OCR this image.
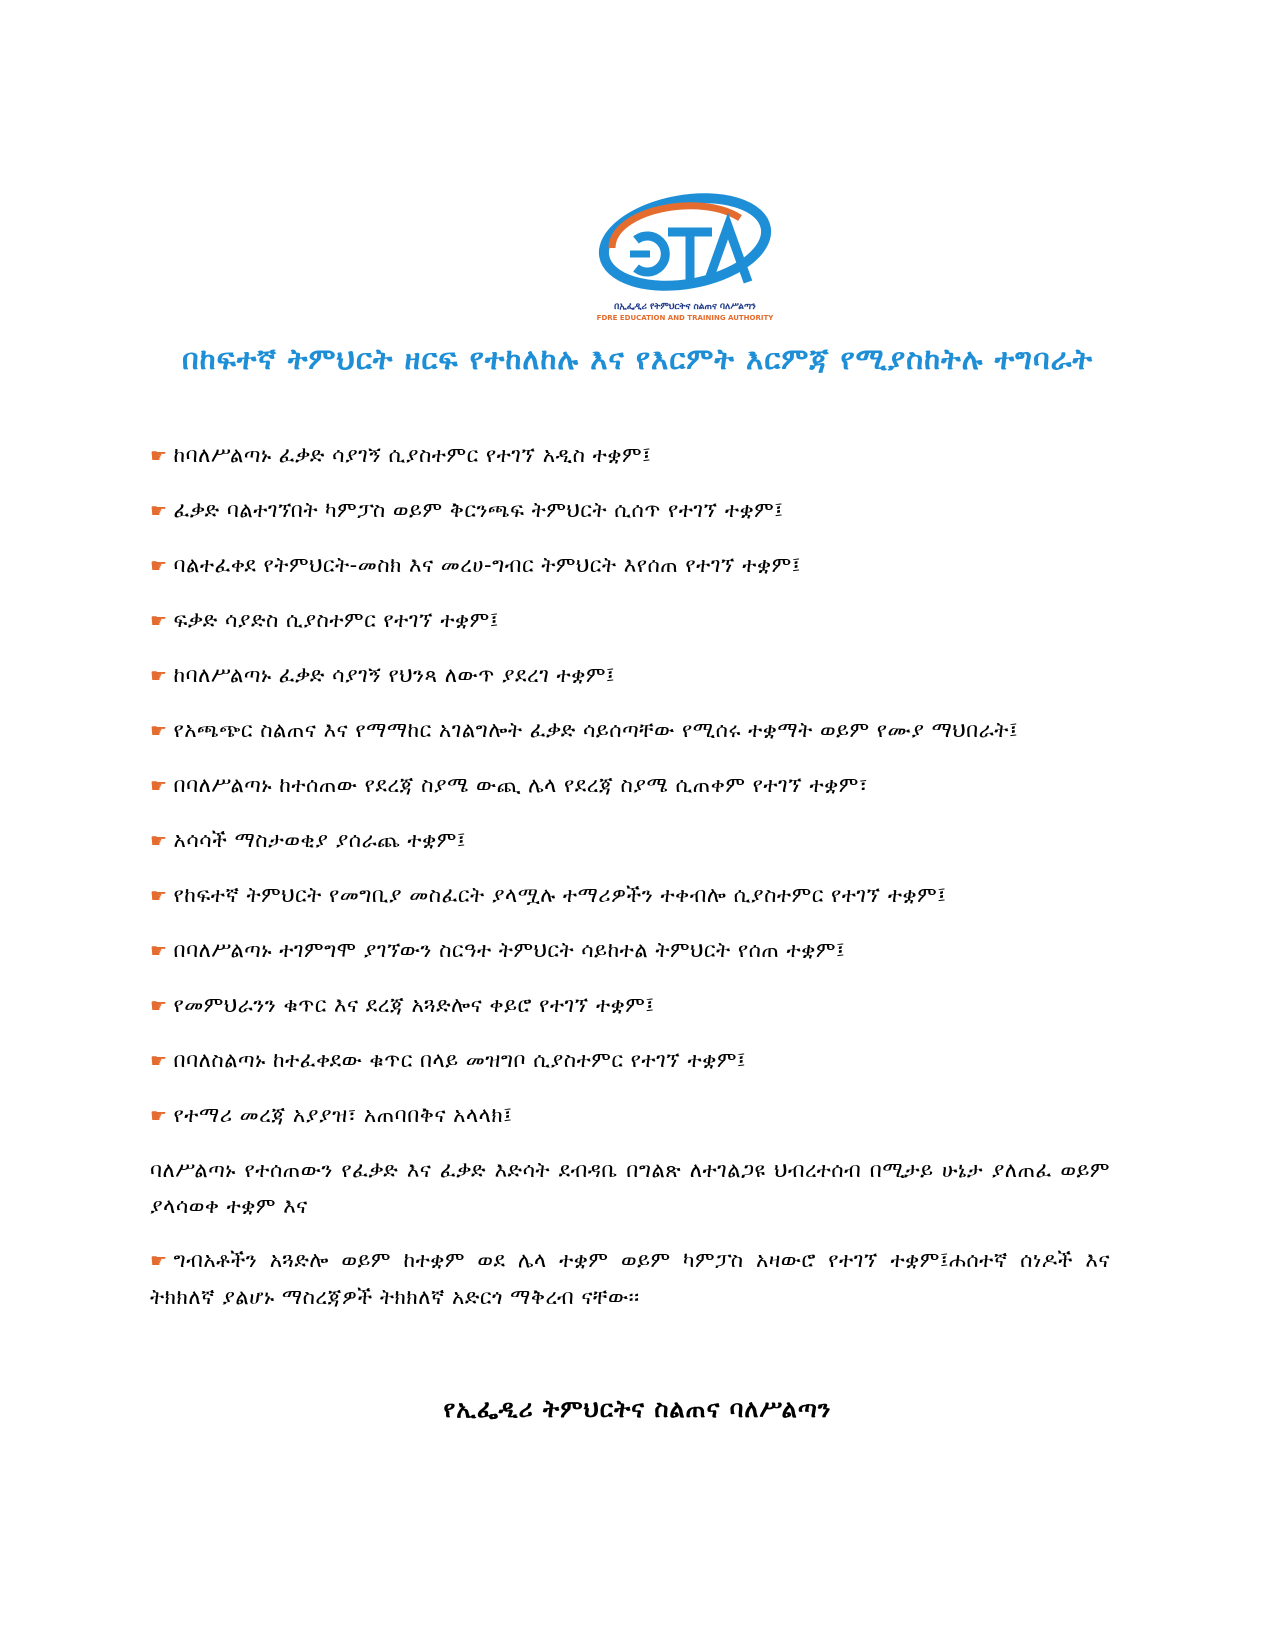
በኢፌዲሪ የትምህርትና ስልጠና ባለሥልጣን
FDRE EDUCATION AND TRAINING AUTHORITY
በከፍተኛ ትምህርት ዘርፍ የተከለከሉ እና የእርምት እርምጃ የሚያስከትሉ ተግባራት
☛ ከባለሥልጣኑ ፈቃድ ሳያገኝ ሲያስተምር የተገኘ አዲስ ተቋም፤
☛ ፈቃድ ባልተገኘበት ካምፓስ ወይም ቅርንጫፍ ትምህርት ሲሰጥ የተገኘ ተቋም፤
☛ ባልተፈቀደ የትምህርት-መስክ እና መረሀ-ግብር ትምህርት እየሰጠ የተገኘ ተቋም፤
☛ ፍቃድ ሳያድስ ሲያስተምር የተገኘ ተቋም፤
☛ ከባለሥልጣኑ ፈቃድ ሳያገኝ የህንጻ ለውጥ ያደረገ ተቋም፤
☛ የአጫጭር ስልጠና እና የማማከር አገልግሎት ፈቃድ ሳይሰጣቸው የሚሰሩ ተቋማት ወይም የሙያ ማህበራት፤
☛ በባለሥልጣኑ ከተሰጠው የደረጃ ስያሜ ውጪ ሌላ የደረጃ ስያሜ ሲጠቀም የተገኘ ተቋም፣
☛ አሳሳች ማስታወቂያ ያሰራጨ ተቋም፤
☛ የከፍተኛ ትምህርት የመግቢያ መስፈርት ያላሟሉ ተማሪዎችን ተቀብሎ ሲያስተምር የተገኘ ተቋም፤
☛ በባለሥልጣኑ ተገምግሞ ያገኘውን ስርዓተ ትምህርት ሳይከተል ትምህርት የሰጠ ተቋም፤
☛ የመምህራንን ቁጥር እና ደረጃ አጓድሎና ቀይሮ የተገኘ ተቋም፤
☛ በባለስልጣኑ ከተፈቀደው ቁጥር በላይ መዝግቦ ሲያስተምር የተገኘ ተቋም፤
☛ የተማሪ መረጃ አያያዝ፣ አጠባበቅና አላላክ፤
ባለሥልጣኑ የተሰጠውን የፈቃድ እና ፈቃድ እድሳት ደብዳቤ በግልጽ ለተገልጋዩ ህብረተሰብ በሚታይ ሁኔታ ያለጠፈ ወይም ያላሳወቀ ተቋም እና
☛ ግብአቶችን አጓድሎ ወይም ከተቋም ወደ ሌላ ተቋም ወይም ካምፓስ አዛውሮ የተገኘ ተቋም፤ሐሰተኛ ሰነዶች እና ትክክለኛ ያልሆኑ ማስረጃዎች ትክክለኛ አድርጎ ማቅረብ ናቸው፡፡
የኢፌዲሪ ትምህርትና ስልጠና ባለሥልጣን
